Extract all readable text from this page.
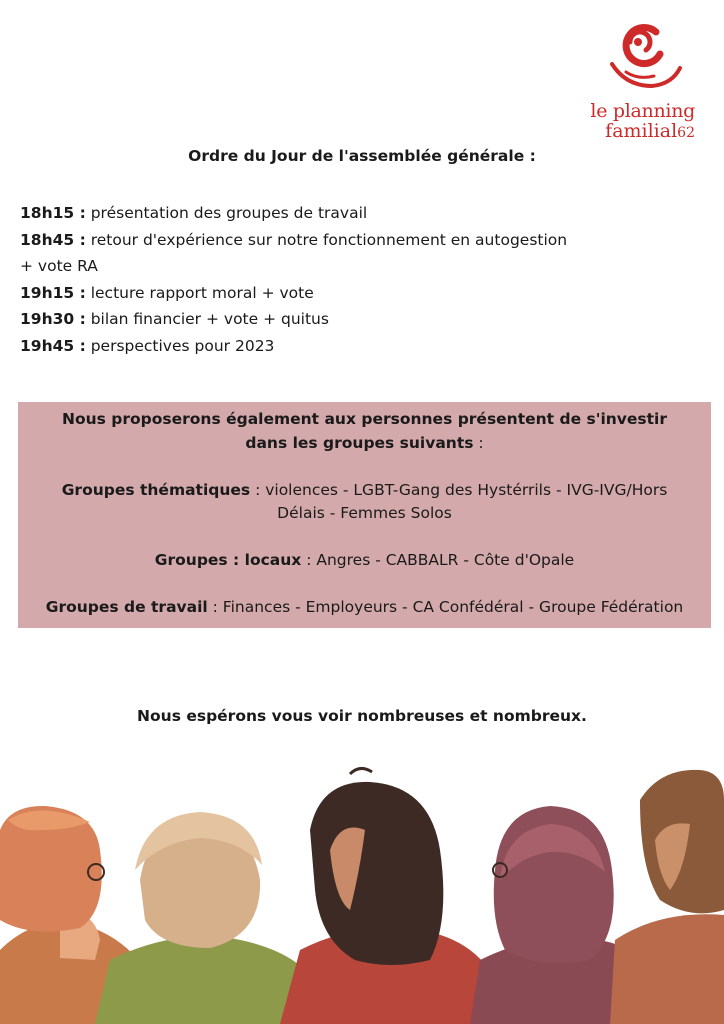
le planning
familial62
Ordre du Jour de l'assemblée générale :
18h15 : présentation des groupes de travail
18h45 : retour d'expérience sur notre fonctionnement en autogestion
+ vote RA
19h15 : lecture rapport moral + vote
19h30 : bilan financier + vote + quitus
19h45 : perspectives pour 2023
Nous proposerons également aux personnes présentent de s'investir
dans les groupes suivants :
Groupes thématiques : violences - LGBT-Gang des Hystérrils - IVG-IVG/Hors
Délais - Femmes Solos
Groupes : locaux : Angres - CABBALR - Côte d'Opale
Groupes de travail : Finances - Employeurs - CA Confédéral - Groupe Fédération
Nous espérons vous voir nombreuses et nombreux.
